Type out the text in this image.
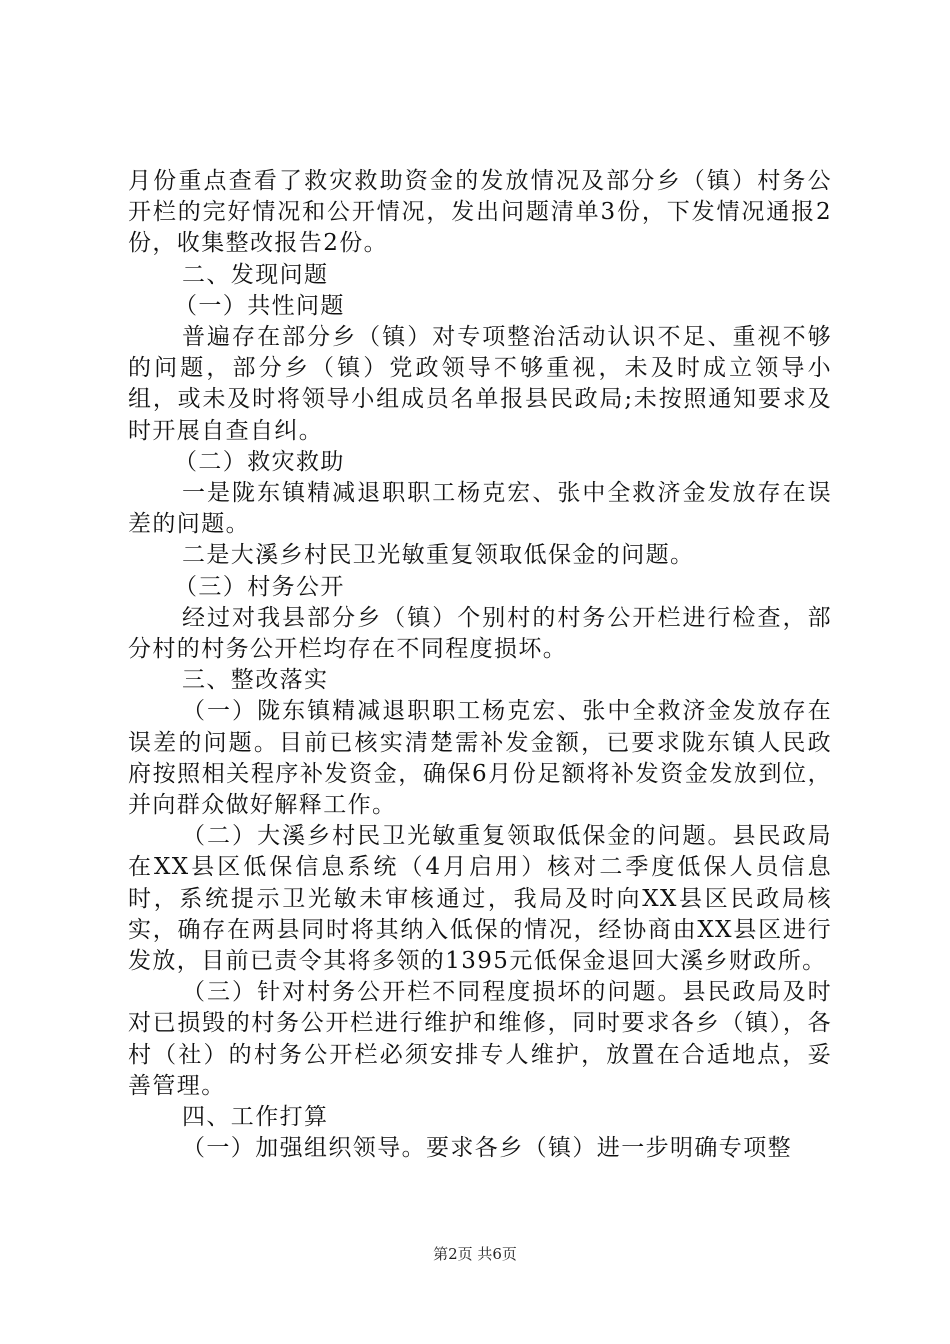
月份重点查看了救灾救助资金的发放情况及部分乡（镇）村务公开栏的完好情况和公开情况，发出问题清单3份，下发情况通报2份，收集整改报告2份。

二、发现问题

（一）共性问题

普遍存在部分乡（镇）对专项整治活动认识不足、重视不够的问题，部分乡（镇）党政领导不够重视，未及时成立领导小组，或未及时将领导小组成员名单报县民政局;未按照通知要求及时开展自查自纠。

（二）救灾救助

一是陇东镇精减退职职工杨克宏、张中全救济金发放存在误差的问题。

二是大溪乡村民卫光敏重复领取低保金的问题。

（三）村务公开

经过对我县部分乡（镇）个别村的村务公开栏进行检查，部分村的村务公开栏均存在不同程度损坏。

三、整改落实

（一）陇东镇精减退职职工杨克宏、张中全救济金发放存在误差的问题。目前已核实清楚需补发金额，已要求陇东镇人民政府按照相关程序补发资金，确保6月份足额将补发资金发放到位，并向群众做好解释工作。

（二）大溪乡村民卫光敏重复领取低保金的问题。县民政局在XX县区低保信息系统（4月启用）核对二季度低保人员信息时，系统提示卫光敏未审核通过，我局及时向XX县区民政局核实，确存在两县同时将其纳入低保的情况，经协商由XX县区进行发放，目前已责令其将多领的1395元低保金退回大溪乡财政所。

（三）针对村务公开栏不同程度损坏的问题。县民政局及时对已损毁的村务公开栏进行维护和维修，同时要求各乡（镇），各村（社）的村务公开栏必须安排专人维护，放置在合适地点，妥善管理。

四、工作打算

（一）加强组织领导。要求各乡（镇）进一步明确专项整

第2页 共6页
